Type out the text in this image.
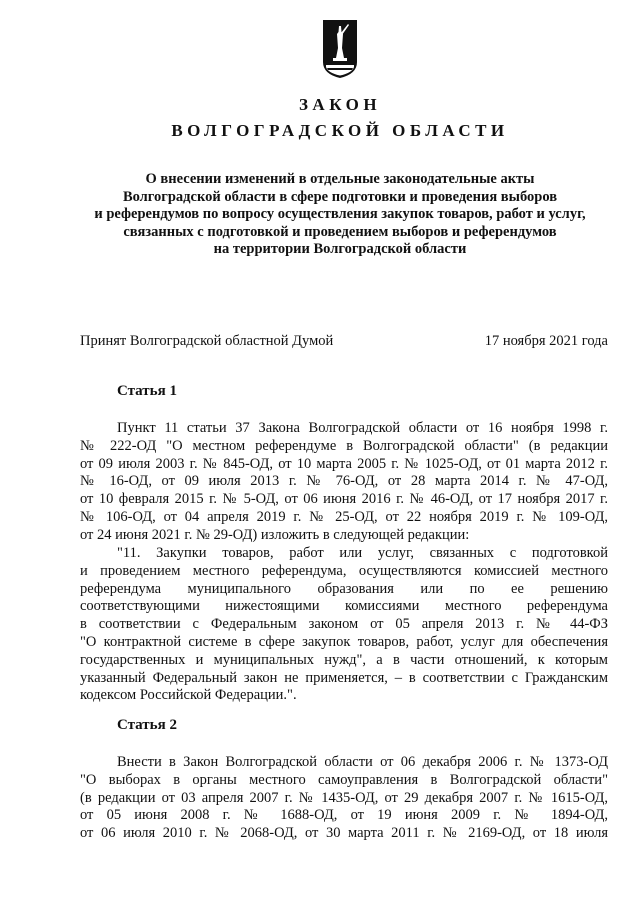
ЗАКОН
ВОЛГОГРАДСКОЙ ОБЛАСТИ
О внесении изменений в отдельные законодательные акты
Волгоградской области в сфере подготовки и проведения выборов
и референдумов по вопросу осуществления закупок товаров, работ и услуг,
связанных с подготовкой и проведением выборов и референдумов
на территории Волгоградской области
Принят Волгоградской областной Думой	17 ноября 2021 года
Статья 1
Пункт 11 статьи 37 Закона Волгоградской области от 16 ноября 1998 г.
№ 222-ОД "О местном референдуме в Волгоградской области" (в редакции
от 09 июля 2003 г. № 845-ОД, от 10 марта 2005 г. № 1025-ОД, от 01 марта 2012 г.
№ 16-ОД, от 09 июля 2013 г. № 76-ОД, от 28 марта 2014 г. № 47-ОД,
от 10 февраля 2015 г. № 5-ОД, от 06 июня 2016 г. № 46-ОД, от 17 ноября 2017 г.
№ 106-ОД, от 04 апреля 2019 г. № 25-ОД, от 22 ноября 2019 г. № 109-ОД,
от 24 июня 2021 г. № 29-ОД) изложить в следующей редакции:
"11. Закупки товаров, работ или услуг, связанных с подготовкой
и проведением местного референдума, осуществляются комиссией местного
референдума муниципального образования или по ее решению
соответствующими нижестоящими комиссиями местного референдума
в соответствии с Федеральным законом от 05 апреля 2013 г. № 44-ФЗ
"О контрактной системе в сфере закупок товаров, работ, услуг для обеспечения
государственных и муниципальных нужд", а в части отношений, к которым
указанный Федеральный закон не применяется, – в соответствии с Гражданским
кодексом Российской Федерации.".
Статья 2
Внести в Закон Волгоградской области от 06 декабря 2006 г. № 1373-ОД
"О выборах в органы местного самоуправления в Волгоградской области"
(в редакции от 03 апреля 2007 г. № 1435-ОД, от 29 декабря 2007 г. № 1615-ОД,
от 05 июня 2008 г. № 1688-ОД, от 19 июня 2009 г. № 1894-ОД,
от 06 июля 2010 г. № 2068-ОД, от 30 марта 2011 г. № 2169-ОД, от 18 июля
